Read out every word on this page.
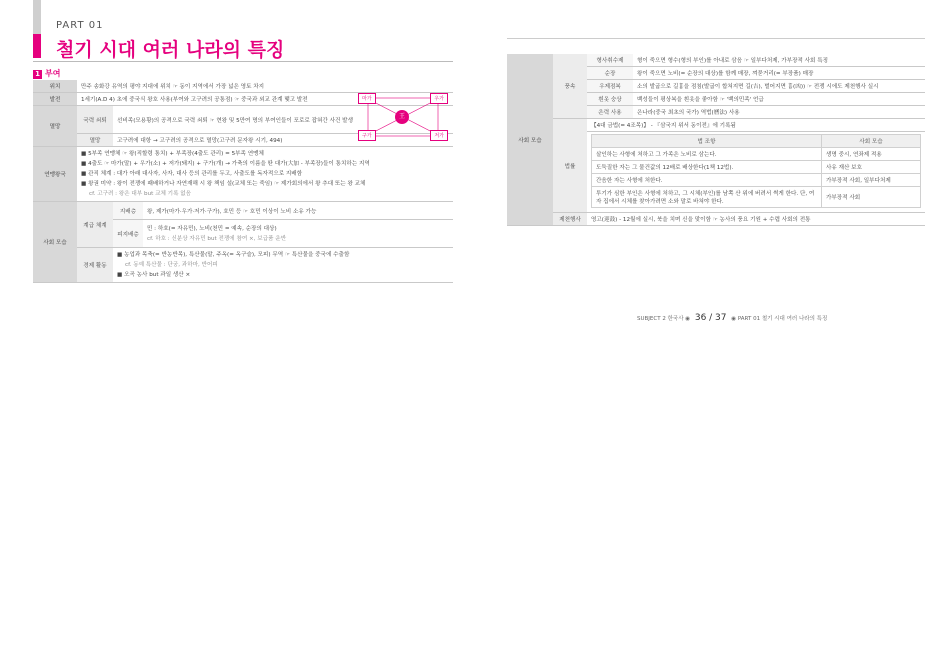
PART 01
철기 시대 여러 나라의 특징
1 부여
위치	만주 송화강 유역의 평야 지대에 위치 ☞ 동이 지역에서 가장 넓은 영토 차지		
발전	1세기(A.D 4) 초에 중국식 왕호 사용(부여와 고구려의 공통점) ☞ 중국과 외교 관계 맺고 발전		
멸망	국력 쇠퇴	선비족(모용황)의 공격으로 국력 쇠퇴 ☞ 현왕 및 5만여 명의 부여인들이 포로로 잡혀간 사건 발생	
	멸망	고구려에 대항 → 고구려의 공격으로 멸망(고구려 문자왕 시기, 494)	
연맹왕국	■ 5부족 연맹체 ☞ 왕(직할령 통치) + 부족장(4출도 관리) = 5부족 연맹체
■ 4출도 ☞ 마가(말) + 우가(소) + 저가(돼지) + 구가(개) → 가축의 이름을 딴 대가(大加 - 부족장)들이 통치하는 지역
■ 관직 체계 : 대가 아래 대사자, 사자, 대사 등의 관리를 두고, 사출도를 독자적으로 지배함
■ 왕권 미약 : 왕이 전쟁에 패배하거나 자연재해 시 왕 책임 설(교체 또는 죽임) ☞ 제가회의에서 왕 추대 또는 왕 교체
cf. 고구려 : 왕은 대부 but 교체 기록 없음		

사회 모습	계급 체계	지배층	왕, 제가(마가·우가·저가·구가), 호민 등 ☞ 호민 이상이 노비 소유 가능
		피지배층	민 : 하호(= 자유민), 노비(천민 = 예속, 순장의 대상)
cf. 하호 : 신분상 자유민 but 전쟁에 참여 ×, 보급품 운반

	경제 활동	■ 농업과 목축(= 반농반목), 특산물(말, 주옥(= 옥구슬), 모피) 무역 ☞ 특산물을 중국에 수출함
cf. 동예 특산물 : 단궁, 과하마, 반어피
■ 오곡 농사 but 과일 생산 ×	
마가	우가
구가	저가
王
사회 모습	풍속	형사취수제	형이 죽으면 형수(형의 부인)를 아내로 삼음 ☞ 일부다처제, 가부장적 사회 특징
순장	왕이 죽으면 노비(= 순장의 대상)를 함께 매장, 껴묻거리(= 부장품) 매장
우제점복	소의 발굽으로 길흉을 점침(발굽이 합쳐지면 길(吉), 벌어지면 흉(凶)) ☞ 전쟁 시에도 제천행사 실시
흰옷 숭상	백성들이 평상복을 흰옷을 좋아함 ☞ '백의민족' 언급
은력 사용	은나라(중국 최초의 국가) 역법(曆法) 사용
법률	【4대 금법(= 4조목)】 - 『삼국지 위서 동이전』에 기록됨

법 조항	사회 모습
살인하는 사형에 처하고 그 가족은 노비로 삼는다.	생명 중시, 연좌제 적용
도둑질한 자는 그 물건값의 12배로 배상한다(1책 12법).	사유 재산 보호
간음한 자는 사형에 처한다.	가부장적 사회, 일부다처제
투기가 심한 부인은 사형에 처하고, 그 시체(부인)를 남쪽 산 위에 버려서 썩게 한다. 단, 여자 집에서 시체를 찾아가려면 소와 말로 바쳐야 한다.	가부장적 사회

제천행사	영고(迎鼓) - 12월에 실시, 북을 치며 신을 맞이함 ☞ 농사의 풍요 기원 + 수렵 사회의 전통
SUBJECT 2 한국사 ◉ 36 / 37 ◉ PART 01 철기 시대 여러 나라의 특징
